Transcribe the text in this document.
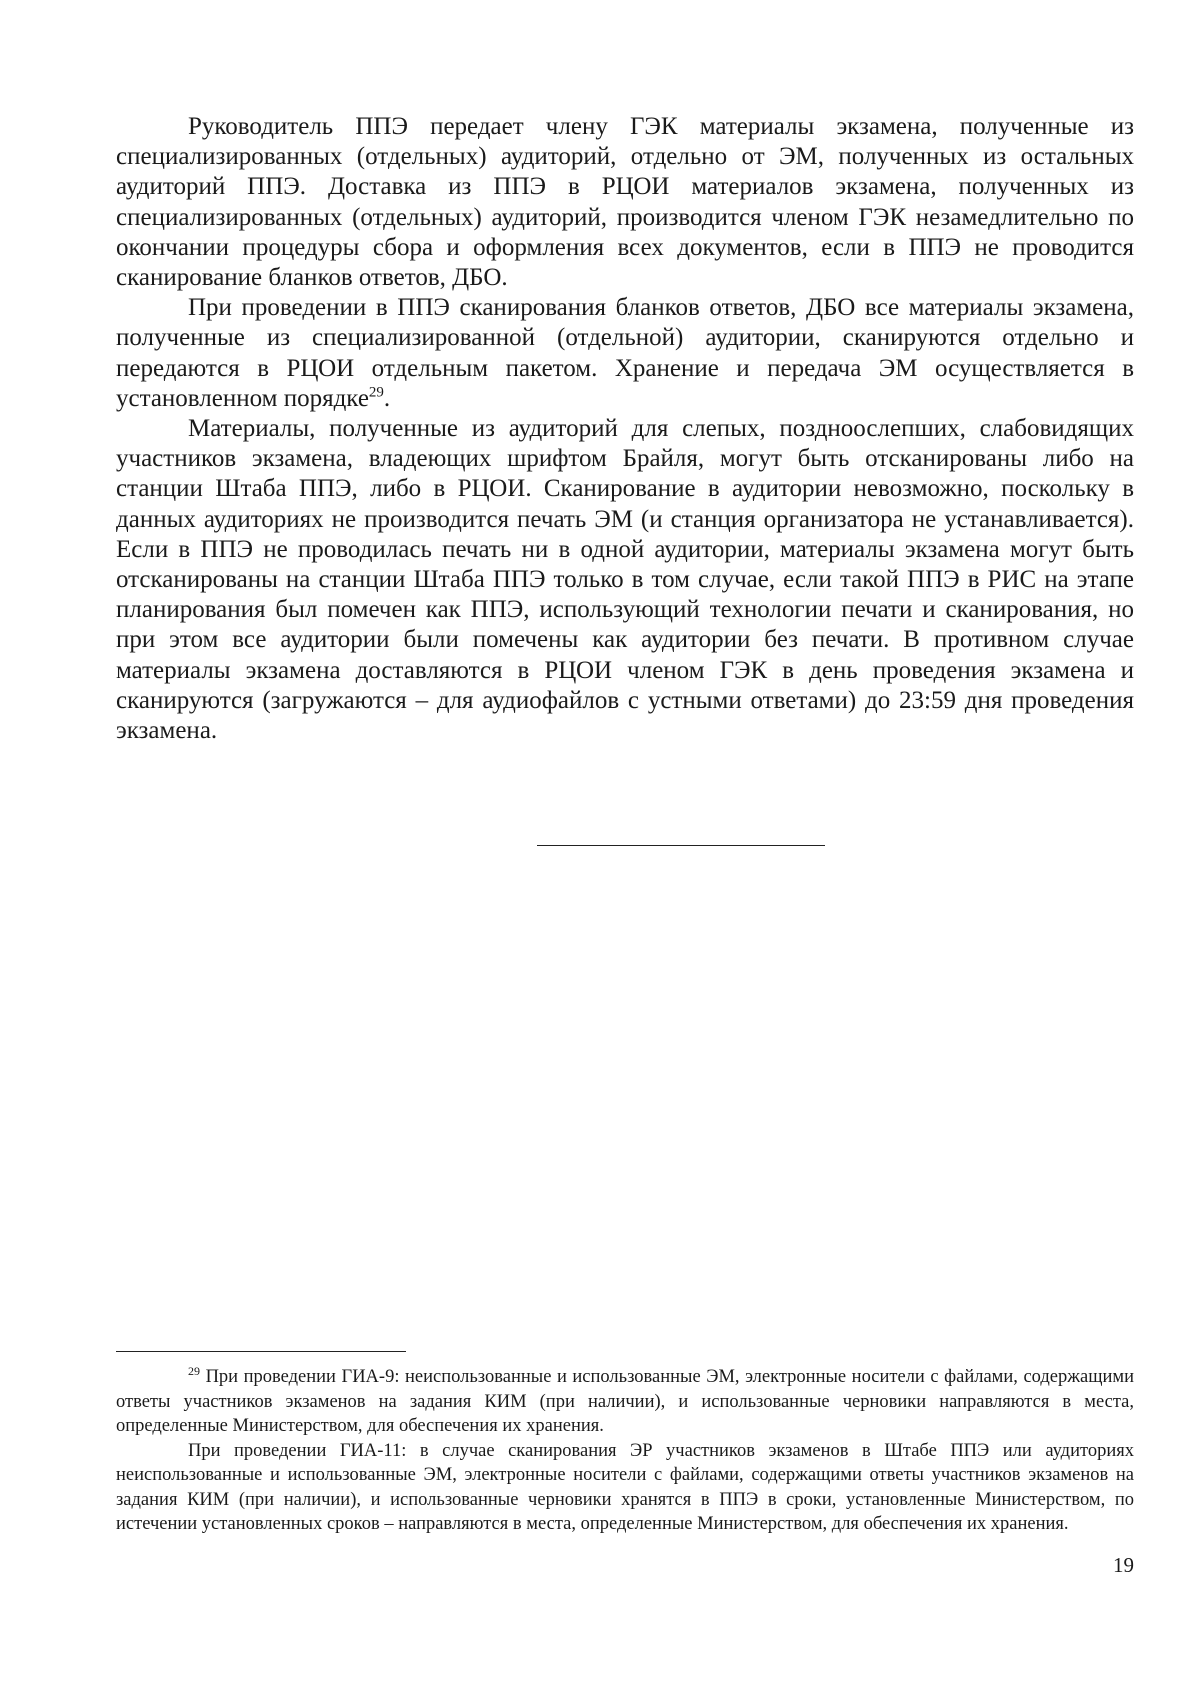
Руководитель ППЭ передает члену ГЭК материалы экзамена, полученные из специализированных (отдельных) аудиторий, отдельно от ЭМ, полученных из остальных аудиторий ППЭ. Доставка из ППЭ в РЦОИ материалов экзамена, полученных из специализированных (отдельных) аудиторий, производится членом ГЭК незамедлительно по окончании процедуры сбора и оформления всех документов, если в ППЭ не проводится сканирование бланков ответов, ДБО.

При проведении в ППЭ сканирования бланков ответов, ДБО все материалы экзамена, полученные из специализированной (отдельной) аудитории, сканируются отдельно и передаются в РЦОИ отдельным пакетом. Хранение и передача ЭМ осуществляется в установленном порядке$^{29}$.

Материалы, полученные из аудиторий для слепых, поздноослепших, слабовидящих участников экзамена, владеющих шрифтом Брайля, могут быть отсканированы либо на станции Штаба ППЭ, либо в РЦОИ. Сканирование в аудитории невозможно, поскольку в данных аудиториях не производится печать ЭМ (и станция организатора не устанавливается). Если в ППЭ не проводилась печать ни в одной аудитории, материалы экзамена могут быть отсканированы на станции Штаба ППЭ только в том случае, если такой ППЭ в РИС на этапе планирования был помечен как ППЭ, использующий технологии печати и сканирования, но при этом все аудитории были помечены как аудитории без печати. В противном случае материалы экзамена доставляются в РЦОИ членом ГЭК в день проведения экзамена и сканируются (загружаются – для аудиофайлов с устными ответами) до 23:59 дня проведения экзамена.

$^{29}$ При проведении ГИА-9: неиспользованные и использованные ЭМ, электронные носители с файлами, содержащими ответы участников экзаменов на задания КИМ (при наличии), и использованные черновики направляются в места, определенные Министерством, для обеспечения их хранения.

При проведении ГИА-11: в случае сканирования ЭР участников экзаменов в Штабе ППЭ или аудиториях неиспользованные и использованные ЭМ, электронные носители с файлами, содержащими ответы участников экзаменов на задания КИМ (при наличии), и использованные черновики хранятся в ППЭ в сроки, установленные Министерством, по истечении установленных сроков – направляются в места, определенные Министерством, для обеспечения их хранения.

19
